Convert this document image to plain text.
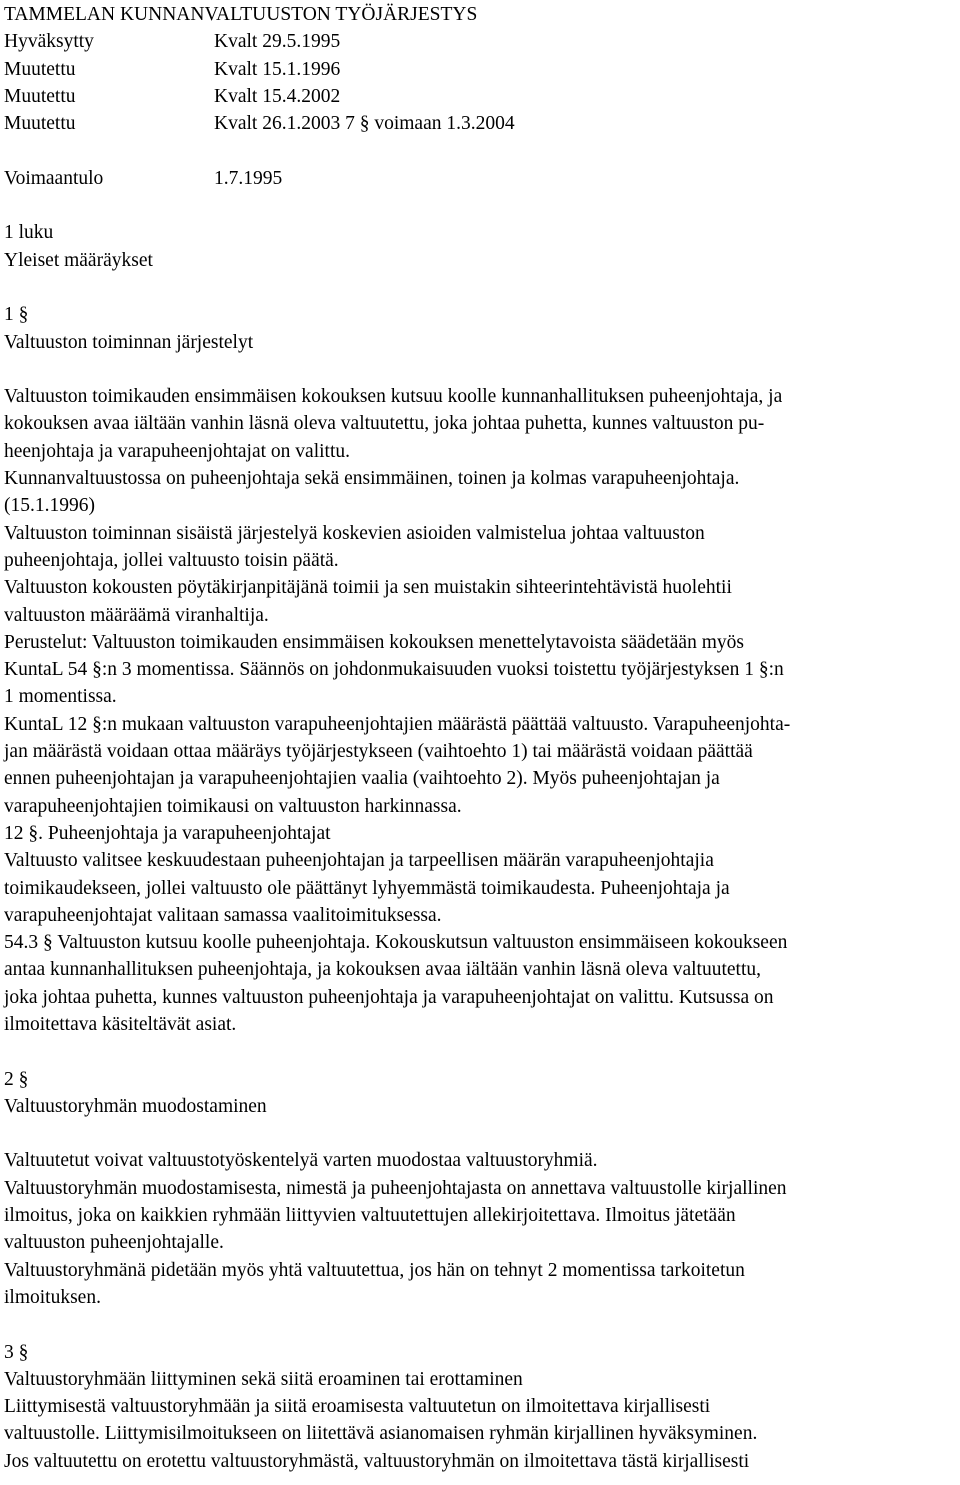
TAMMELAN KUNNANVALTUUSTON TYÖJÄRJESTYS
Hyväksytty	Kvalt 29.5.1995
Muutettu	Kvalt 15.1.1996
Muutettu	Kvalt 15.4.2002
Muutettu	Kvalt 26.1.2003 7 § voimaan 1.3.2004
Voimaantulo	1.7.1995
1 luku
Yleiset määräykset
1 §
Valtuuston toiminnan järjestelyt
Valtuuston toimikauden ensimmäisen kokouksen kutsuu koolle kunnanhallituksen puheenjohtaja, ja
kokouksen avaa iältään vanhin läsnä oleva valtuutettu, joka johtaa puhetta, kunnes valtuuston pu-
heenjohtaja ja varapuheenjohtajat on valittu.
Kunnanvaltuustossa on puheenjohtaja sekä ensimmäinen, toinen ja kolmas varapuheenjohtaja.
(15.1.1996)
Valtuuston toiminnan sisäistä järjestelyä koskevien asioiden valmistelua johtaa valtuuston
puheenjohtaja, jollei valtuusto toisin päätä.
Valtuuston kokousten pöytäkirjanpitäjänä toimii ja sen muistakin sihteerintehtävistä huolehtii
valtuuston määräämä viranhaltija.
Perustelut: Valtuuston toimikauden ensimmäisen kokouksen menettelytavoista säädetään myös
KuntaL 54 §:n 3 momentissa. Säännös on johdonmukaisuuden vuoksi toistettu työjärjestyksen 1 §:n
1 momentissa.
KuntaL 12 §:n mukaan valtuuston varapuheenjohtajien määrästä päättää valtuusto. Varapuheenjohta-
jan määrästä voidaan ottaa määräys työjärjestykseen (vaihtoehto 1) tai määrästä voidaan päättää
ennen puheenjohtajan ja varapuheenjohtajien vaalia (vaihtoehto 2). Myös puheenjohtajan ja
varapuheenjohtajien toimikausi on valtuuston harkinnassa.
12 §. Puheenjohtaja ja varapuheenjohtajat
Valtuusto valitsee keskuudestaan puheenjohtajan ja tarpeellisen määrän varapuheenjohtajia
toimikaudekseen, jollei valtuusto ole päättänyt lyhyemmästä toimikaudesta. Puheenjohtaja ja
varapuheenjohtajat valitaan samassa vaalitoimituksessa.
54.3 § Valtuuston kutsuu koolle puheenjohtaja. Kokouskutsun valtuuston ensimmäiseen kokoukseen
antaa kunnanhallituksen puheenjohtaja, ja kokouksen avaa iältään vanhin läsnä oleva valtuutettu,
joka johtaa puhetta, kunnes valtuuston puheenjohtaja ja varapuheenjohtajat on valittu. Kutsussa on
ilmoitettava käsiteltävät asiat.
2 §
Valtuustoryhmän muodostaminen
Valtuutetut voivat valtuustotyöskentelyä varten muodostaa valtuustoryhmiä.
Valtuustoryhmän muodostamisesta, nimestä ja puheenjohtajasta on annettava valtuustolle kirjallinen
ilmoitus, joka on kaikkien ryhmään liittyvien valtuutettujen allekirjoitettava. Ilmoitus jätetään
valtuuston puheenjohtajalle.
Valtuustoryhmänä pidetään myös yhtä valtuutettua, jos hän on tehnyt 2 momentissa tarkoitetun
ilmoituksen.
3 §
Valtuustoryhmään liittyminen sekä siitä eroaminen tai erottaminen
Liittymisestä valtuustoryhmään ja siitä eroamisesta valtuutetun on ilmoitettava kirjallisesti
valtuustolle. Liittymisilmoitukseen on liitettävä asianomaisen ryhmän kirjallinen hyväksyminen.
Jos valtuutettu on erotettu valtuustoryhmästä, valtuustoryhmän on ilmoitettava tästä kirjallisesti
